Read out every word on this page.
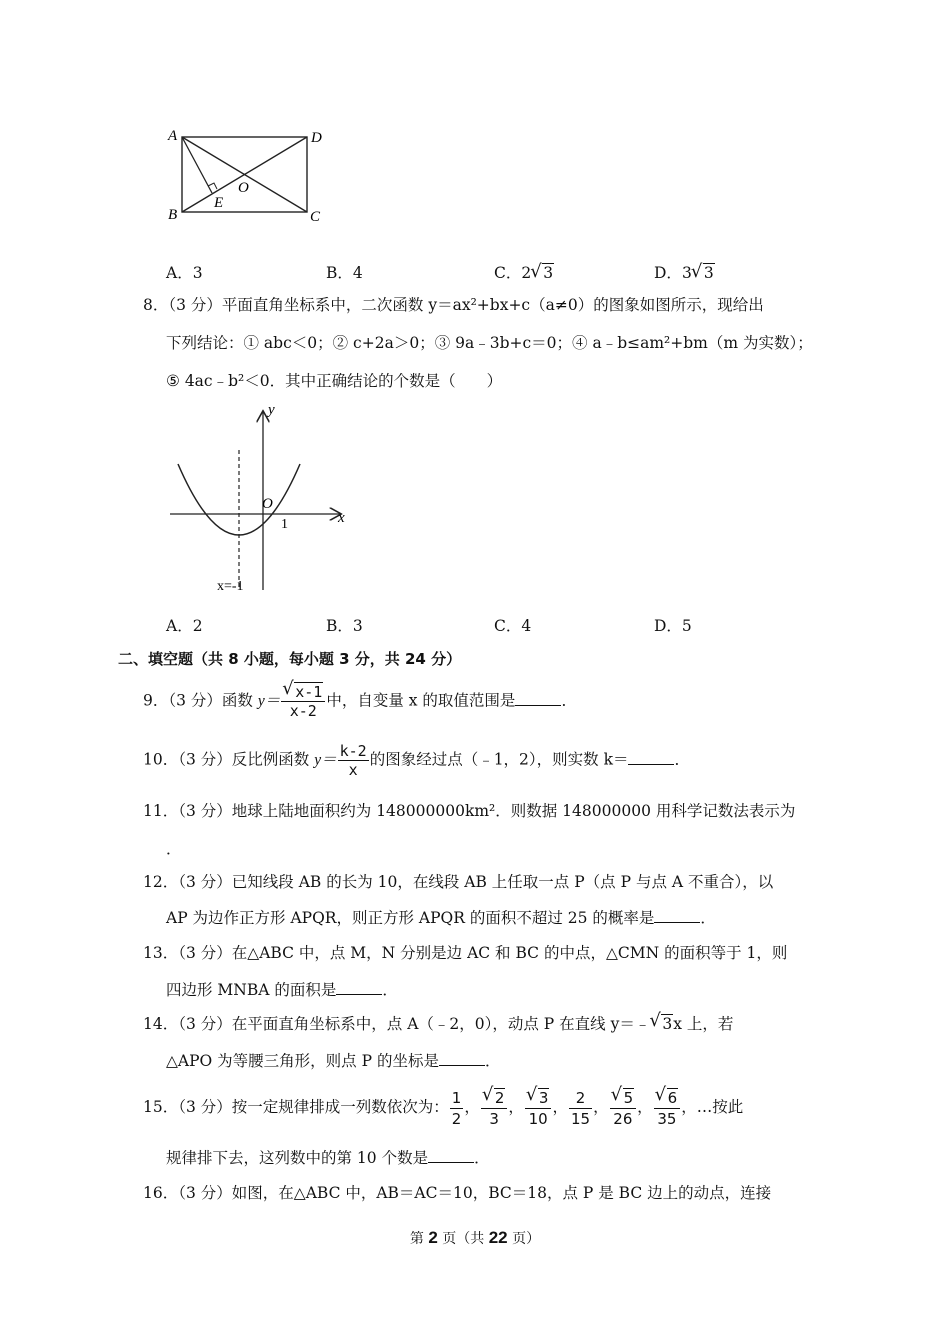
A	D
B	C
E
O
A．3	B．4	C．2 √ 3	D．3 √ 3
8．（3 分）平面直角坐标系中，二次函数 y＝ax²+bx+c（a≠0）的图象如图所示，现给出
下列结论：① abc＜0；② c+2a＞0；③ 9a﹣3b+c＝0；④ a﹣b≤am²+bm（m 为实数）；
⑤ 4ac﹣b²＜0．其中正确结论的个数是（　　）
y
x
O
1
x=-1
A．2	B．3	C．4	D．5
二、填空题（共 8 小题，每小题 3 分，共 24 分）
9．（3 分）函数 y＝ √ $\frac{x-1}{x-2}$ 中，自变量 x 的取值范围是	．
10．（3 分）反比例函数 $y= \frac{k-2}{x}$ 的图象经过点（﹣1，2），则实数 k＝	．
11．（3 分）地球上陆地面积约为 148000000km²．则数据 148000000 用科学记数法表示为
．
12．（3 分）已知线段 AB 的长为 10，在线段 AB 上任取一点 P（点 P 与点 A 不重合），以
AP 为边作正方形 APQR，则正方形 APQR 的面积不超过 25 的概率是	．
13．（3 分）在△ABC 中，点 M，N 分别是边 AC 和 BC 的中点，△CMN 的面积等于 1，则
四边形 MNBA 的面积是	．
14．（3 分）在平面直角坐标系中，点 A（﹣2，0），动点 P 在直线 y＝﹣ √ 3x 上，若
△APO 为等腰三角形，则点 P 的坐标是	．
15．（3 分）按一定规律排成一列数依次为： $\frac{1}{2}$ ， √ $\frac{2}{3}$ ， √ $\frac{3}{10}$ ， $\frac{2}{15}$ ， √ $\frac{5}{26}$ ， √ $\frac{6}{35}$ ，…按此
规律排下去，这列数中的第 10 个数是	．
16．（3 分）如图，在△ABC 中，AB＝AC＝10，BC＝18，点 P 是 BC 边上的动点，连接
第 2 页（共 22 页）
